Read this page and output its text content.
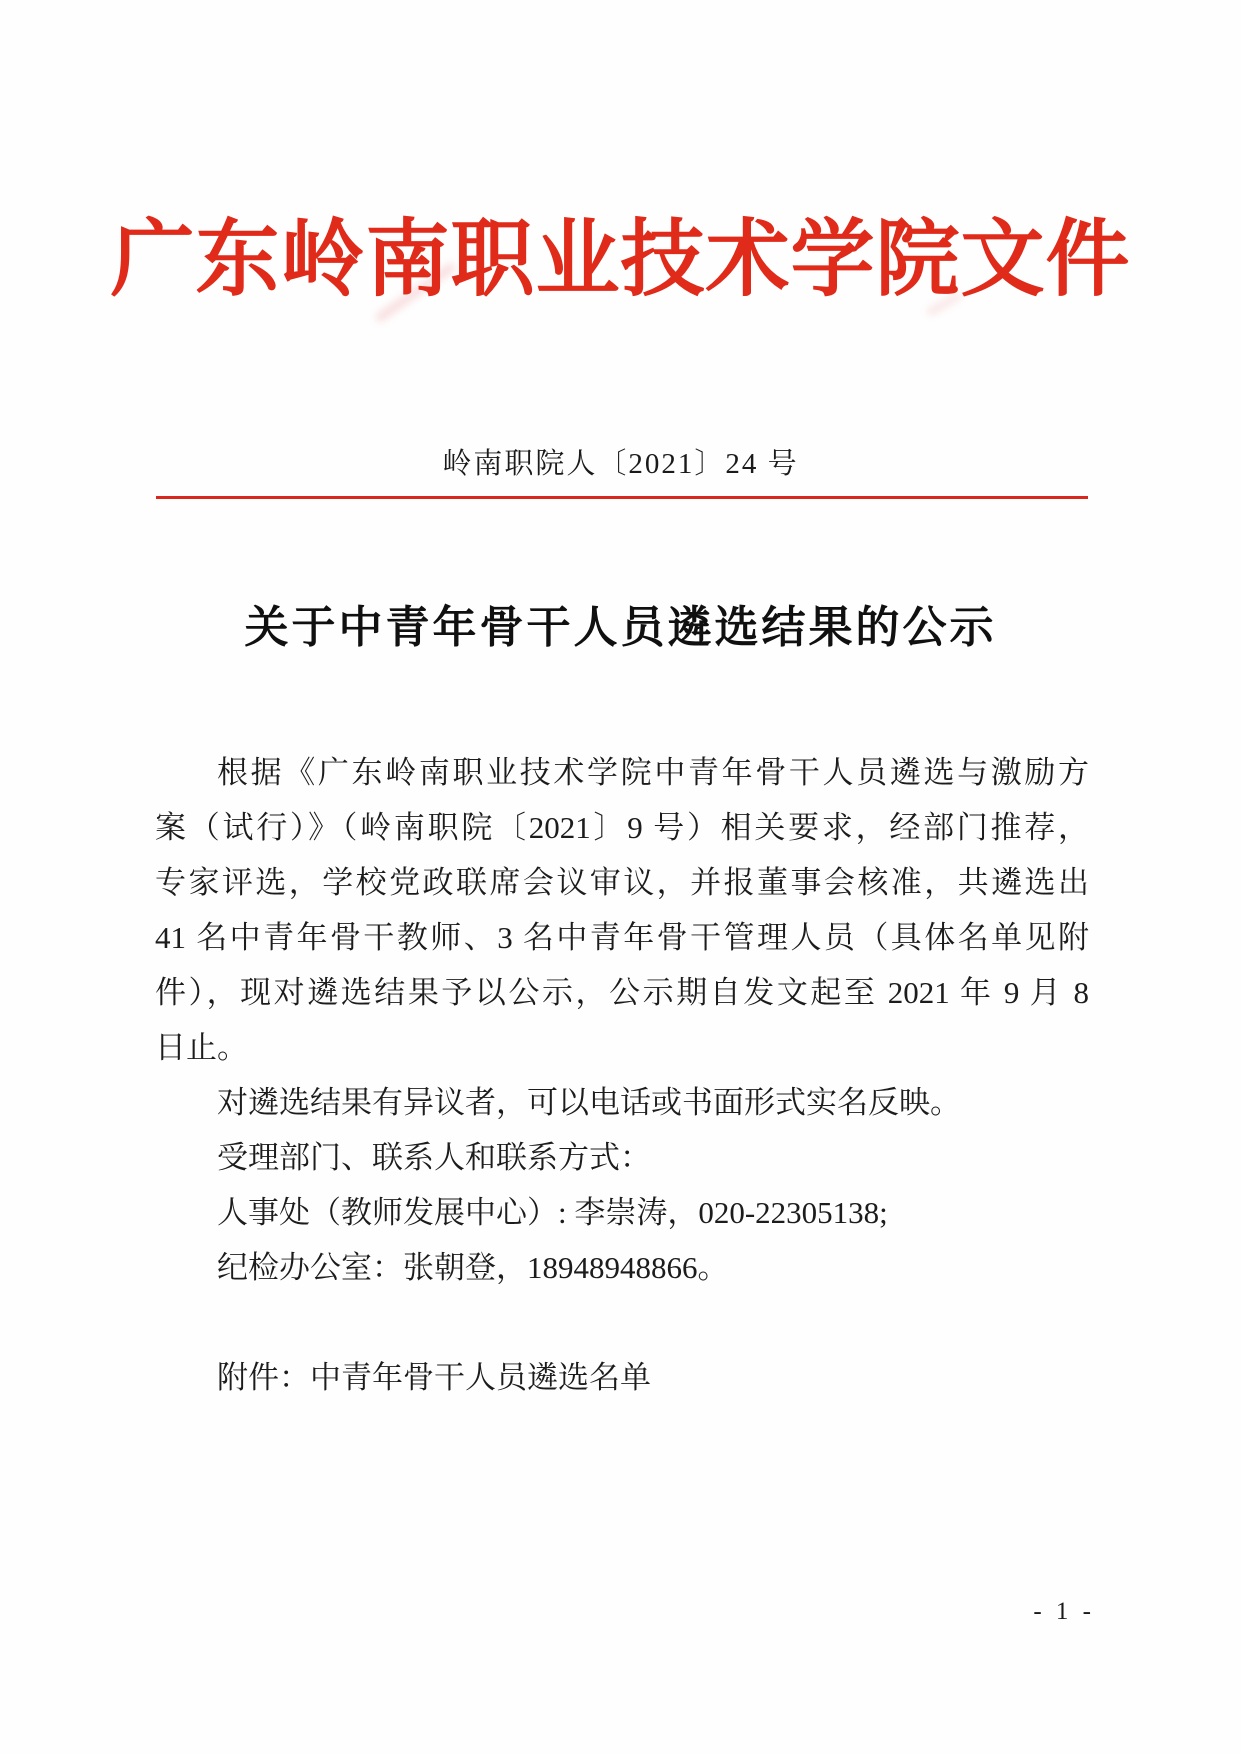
广东岭南职业技术学院文件
岭南职院人〔2021〕24 号
关于中青年骨干人员遴选结果的公示
根据《广东岭南职业技术学院中青年骨干人员遴选与激励方
案（试行）》（岭南职院〔2021〕9 号）相关要求，经部门推荐，
专家评选，学校党政联席会议审议，并报董事会核准，共遴选出
41 名中青年骨干教师、3 名中青年骨干管理人员（具体名单见附
件），现对遴选结果予以公示，公示期自发文起至 2021 年 9 月 8
日止。
对遴选结果有异议者，可以电话或书面形式实名反映。
受理部门、联系人和联系方式：
人事处（教师发展中心）: 李崇涛，020-22305138;
纪检办公室：张朝登，18948948866。
附件：中青年骨干人员遴选名单
- 1 -
